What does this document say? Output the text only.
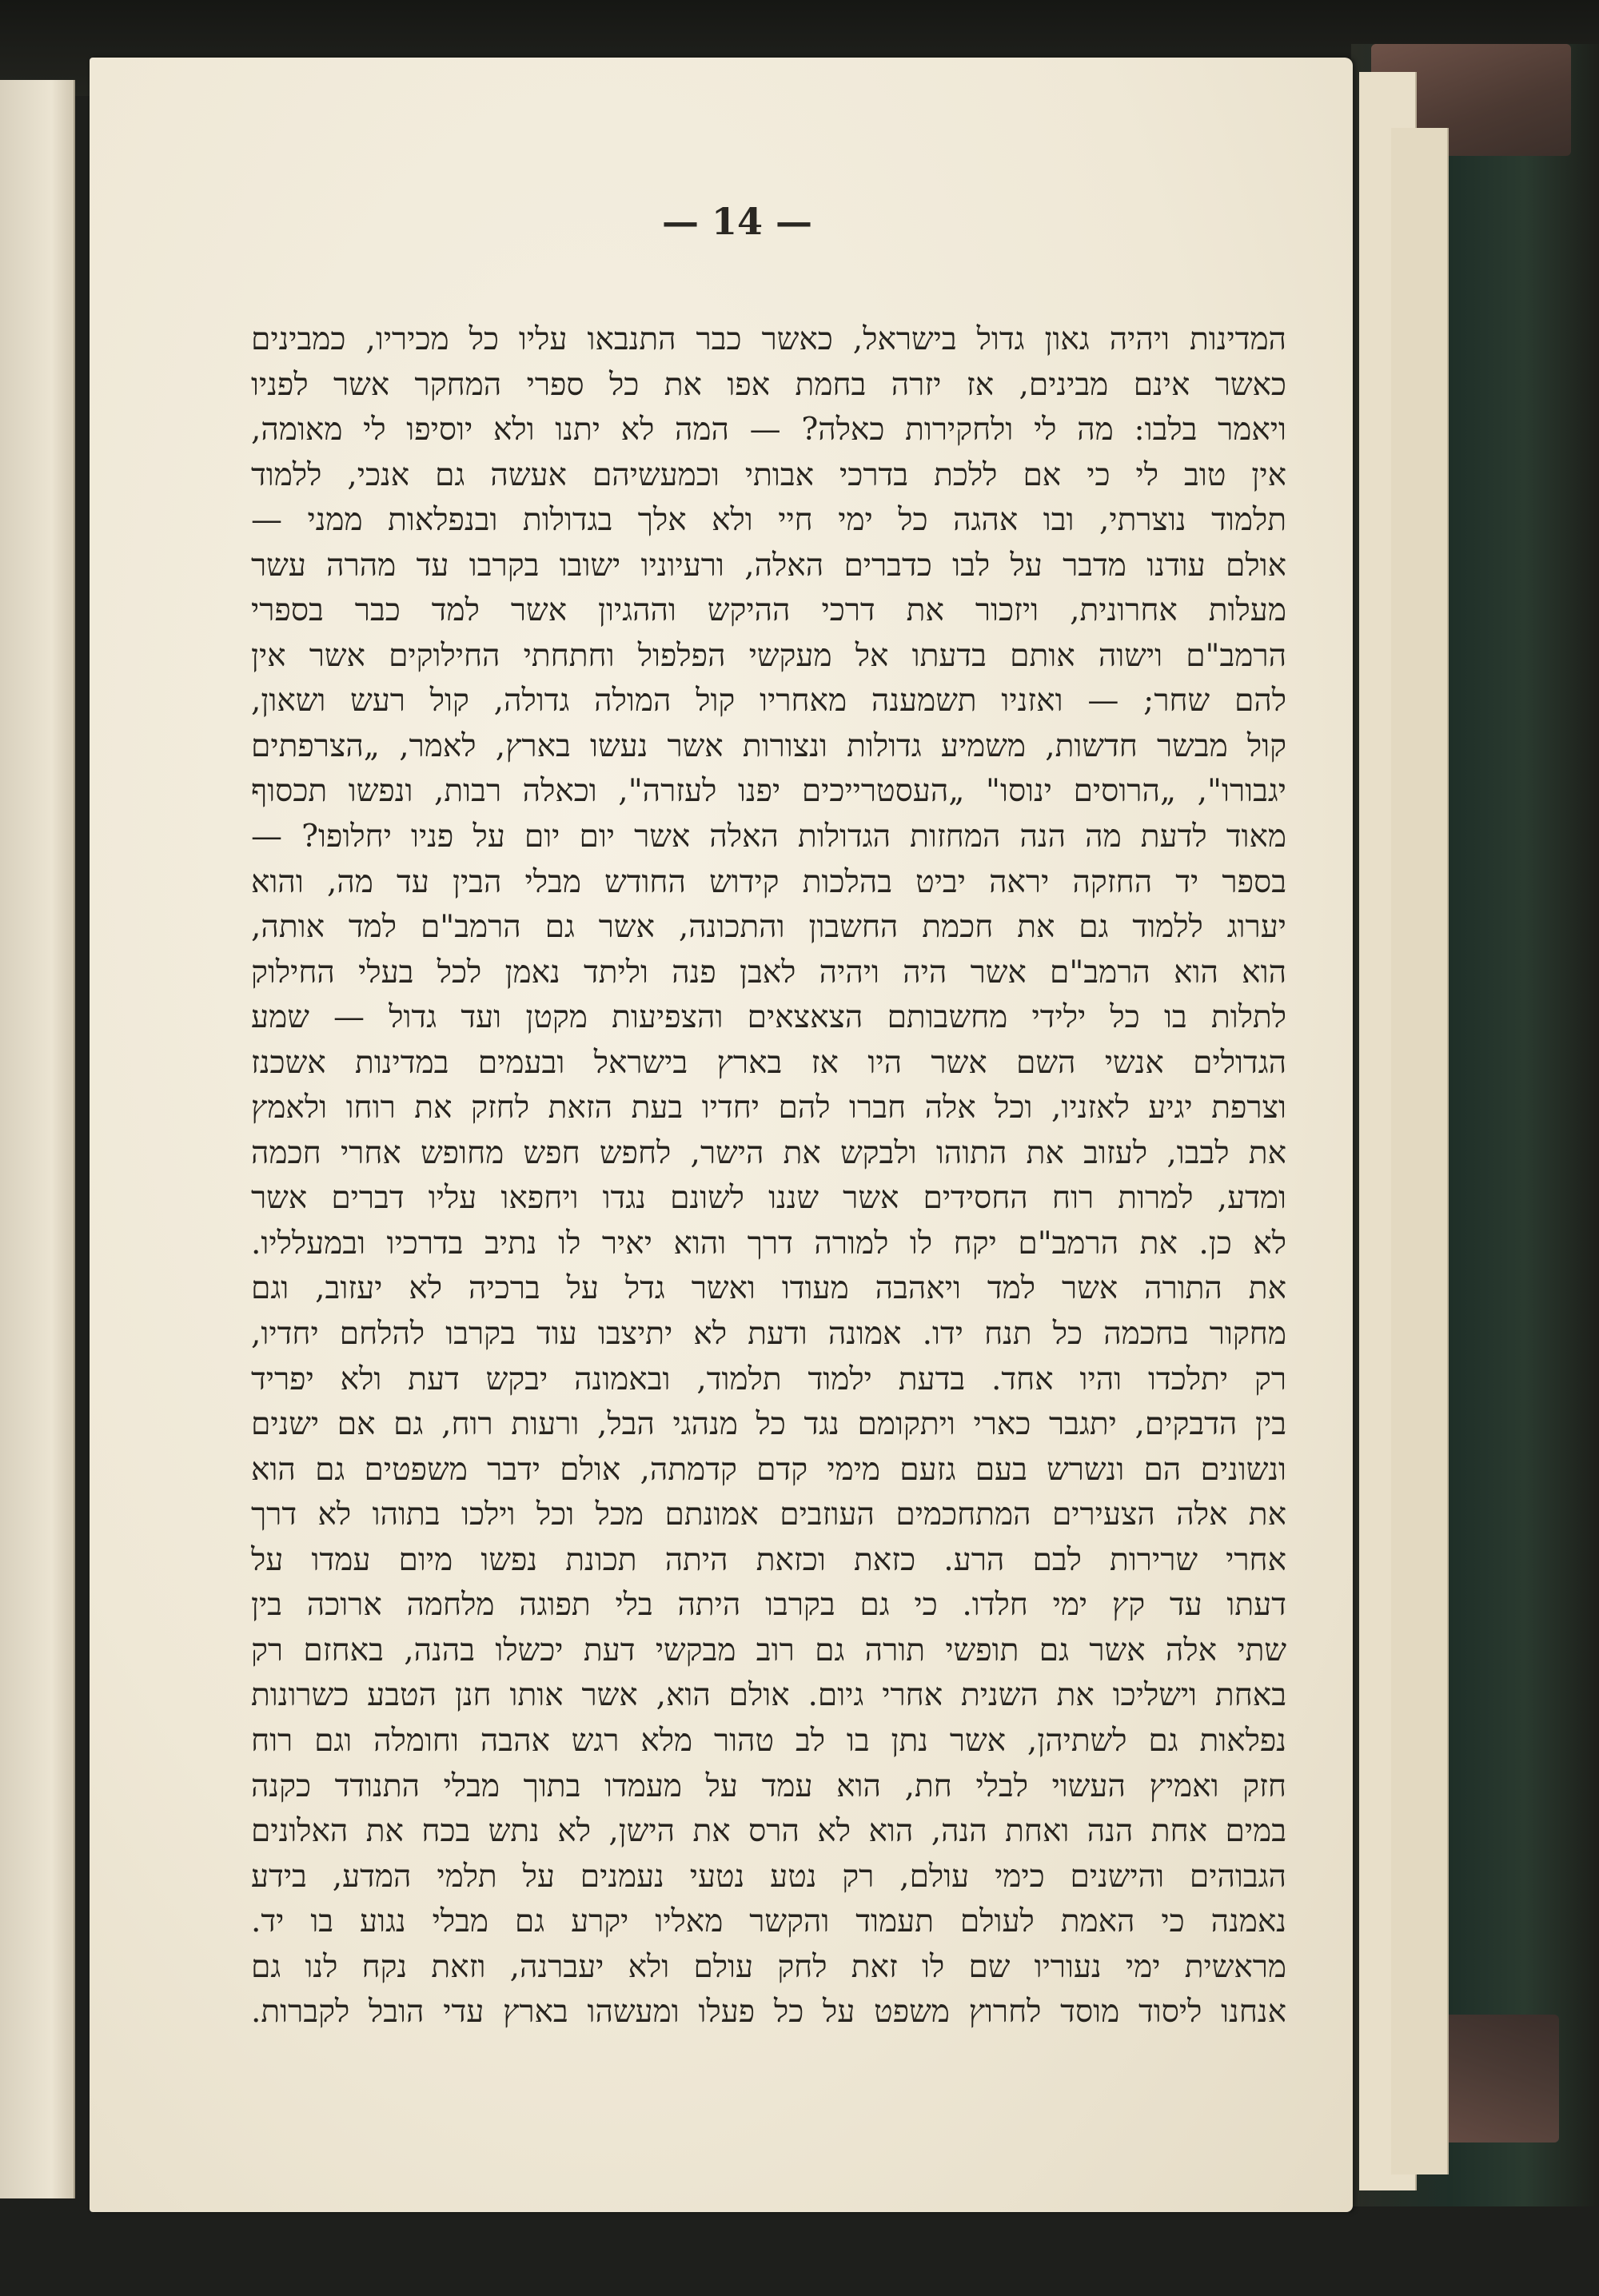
— 14 —
המדינות ויהיה גאון גדול בישראל, כאשר כבר התנבאו עליו כל מכיריו, כמבינים
כאשר אינם מבינים, אז יזרה בחמת אפו את כל ספרי המחקר אשר לפניו
ויאמר בלבו: מה לי ולחקירות כאלה? — המה לא יתנו ולא יוסיפו לי מאומה,
אין טוב לי כי אם ללכת בדרכי אבותי וכמעשיהם אעשה גם אנכי, ללמוד
תלמוד נוצרתי, ובו אהגה כל ימי חיי ולא אלך בגדולות ובנפלאות ממני —
אולם עודנו מדבר על לבו כדברים האלה, ורעיוניו ישובו בקרבו עד מהרה עשר
מעלות אחרונית, ויזכור את דרכי ההיקש וההגיון אשר למד כבר בספרי
הרמב"ם וישוה אותם בדעתו אל מעקשי הפלפול וחתחתי החילוקים אשר אין
להם שחר; — ואזניו תשמענה מאחריו קול המולה גדולה, קול רעש ושאון,
קול מבשר חדשות, משמיע גדולות ונצורות אשר נעשו בארץ, לאמר, „הצרפתים
יגבורו", „הרוסים ינוסו" „העסטרייכים יפנו לעזרה", וכאלה רבות, ונפשו תכסוף
מאוד לדעת מה הנה המחזות הגדולות האלה אשר יום יום על פניו יחלופו? —
בספר יד החזקה יראה יביט בהלכות קידוש החודש מבלי הבין עד מה, והוא
יערוג ללמוד גם את חכמת החשבון והתכונה, אשר גם הרמב"ם למד אותה,
הוא הוא הרמב"ם אשר היה ויהיה לאבן פנה וליתד נאמן לכל בעלי החילוק
לתלות בו כל ילידי מחשבותם הצאצאים והצפיעות מקטן ועד גדול — שמע
הגדולים אנשי השם אשר היו אז בארץ בישראל ובעמים במדינות אשכנז
וצרפת יגיע לאזניו, וכל אלה חברו להם יחדיו בעת הזאת לחזק את רוחו ולאמץ
את לבבו, לעזוב את התוהו ולבקש את הישר, לחפש חפש מחופש אחרי חכמה
ומדע, למרות רוח החסידים אשר שננו לשונם נגדו ויחפאו עליו דברים אשר
לא כן. את הרמב"ם יקח לו למורה דרך והוא יאיר לו נתיב בדרכיו ובמעלליו.
את התורה אשר למד ויאהבה מעודו ואשר גדל על ברכיה לא יעזוב, וגם
מחקור בחכמה כל תנח ידו. אמונה ודעת לא יתיצבו עוד בקרבו להלחם יחדיו,
רק יתלכדו והיו אחד. בדעת ילמוד תלמוד, ובאמונה יבקש דעת ולא יפריד
בין הדבקים, יתגבר כארי ויתקומם נגד כל מנהגי הבל, ורעות רוח, גם אם ישנים
ונשונים הם ונשרש בעם גזעם מימי קדם קדמתה, אולם ידבר משפטים גם הוא
את אלה הצעירים המתחכמים העוזבים אמונתם מכל וכל וילכו בתוהו לא דרך
אחרי שרירות לבם הרע. כזאת וכזאת היתה תכונת נפשו מיום עמדו על
דעתו עד קץ ימי חלדו. כי גם בקרבו היתה בלי תפוגה מלחמה ארוכה בין
שתי אלה אשר גם תופשי תורה גם רוב מבקשי דעת יכשלו בהנה, באחזם רק
באחת וישליכו את השנית אחרי גיום. אולם הוא, אשר אותו חנן הטבע כשרונות
נפלאות גם לשתיהן, אשר נתן בו לב טהור מלא רגש אהבה וחומלה וגם רוח
חזק ואמיץ העשוי לבלי חת, הוא עמד על מעמדו בתוך מבלי התנודד כקנה
במים אחת הנה ואחת הנה, הוא לא הרס את הישן, לא נתש בכח את האלונים
הגבוהים והישנים כימי עולם, רק נטע נטעי נעמנים על תלמי המדע, בידע
נאמנה כי האמת לעולם תעמוד והקשר מאליו יקרע גם מבלי נגוע בו יד.
מראשית ימי נעוריו שם לו זאת לחק עולם ולא יעברנה, וזאת נקח לנו גם
אנחנו ליסוד מוסד לחרוץ משפט על כל פעלו ומעשהו בארץ עדי הובל לקברות.
